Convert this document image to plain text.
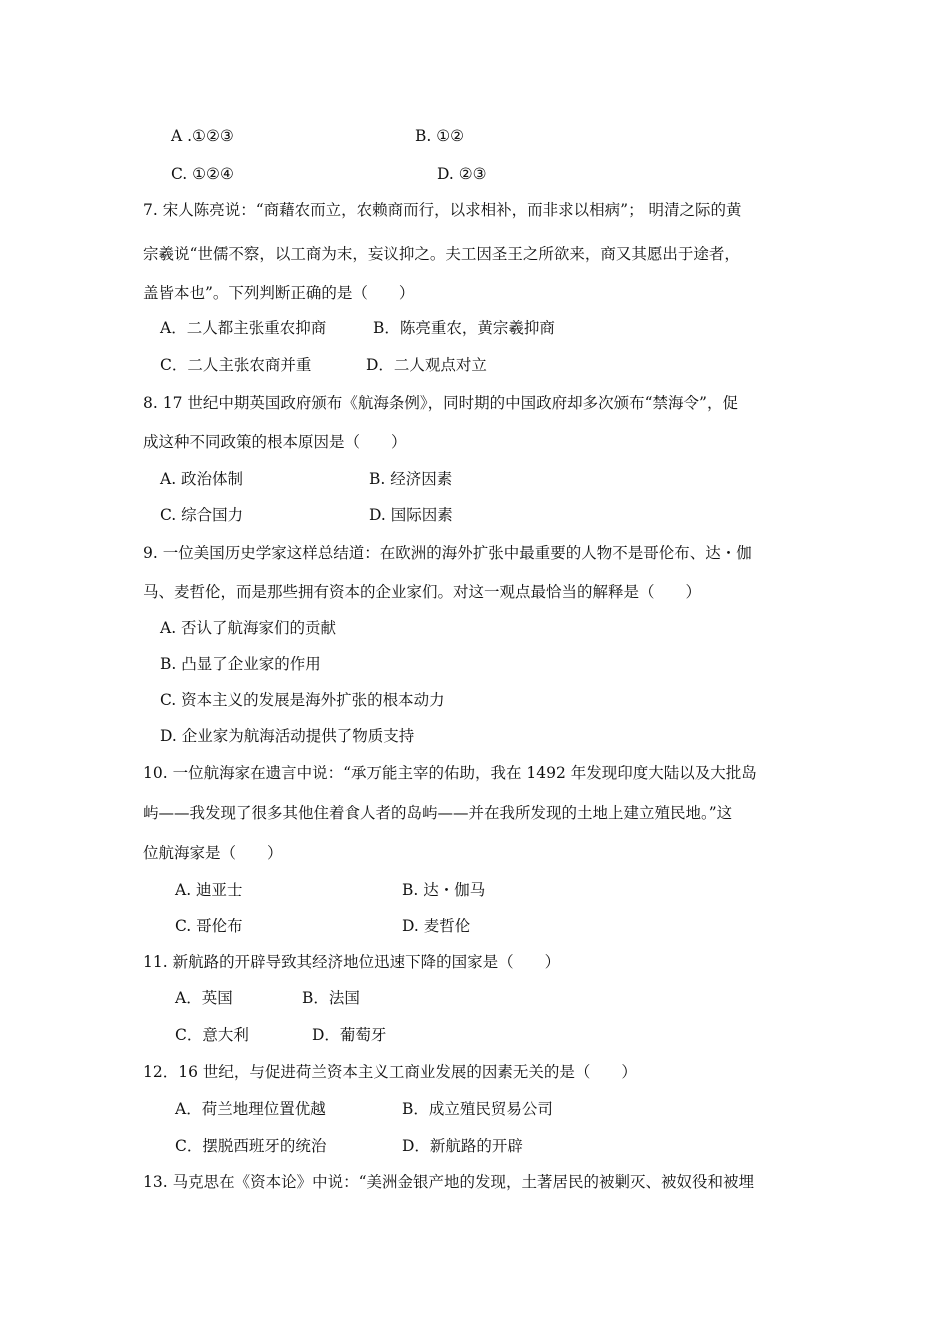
A .①②③	B. ①②
C. ①②④	D. ②③
7. 宋人陈亮说：“商藉农而立，农赖商而行，以求相补，而非求以相病”； 明清之际的黄
宗羲说“世儒不察，以工商为末，妄议抑之。夫工因圣王之所欲来，商又其愿出于途者，
盖皆本也”。下列判断正确的是（　　）
A．二人都主张重农抑商	B．陈亮重农，黄宗羲抑商
C．二人主张农商并重	D．二人观点对立
8. 17 世纪中期英国政府颁布《航海条例》，同时期的中国政府却多次颁布“禁海令”，促
成这种不同政策的根本原因是（　　）
A. 政治体制	B. 经济因素
C. 综合国力	D. 国际因素
9. 一位美国历史学家这样总结道：在欧洲的海外扩张中最重要的人物不是哥伦布、达・伽
马、麦哲伦，而是那些拥有资本的企业家们。对这一观点最恰当的解释是（　　）
A. 否认了航海家们的贡献
B. 凸显了企业家的作用
C. 资本主义的发展是海外扩张的根本动力
D. 企业家为航海活动提供了物质支持
10. 一位航海家在遗言中说：“承万能主宰的佑助，我在 1492 年发现印度大陆以及大批岛
屿——我发现了很多其他住着食人者的岛屿——并在我所发现的土地上建立殖民地。”这
位航海家是（　　）
A. 迪亚士	B. 达・伽马
C. 哥伦布	D. 麦哲伦
11. 新航路的开辟导致其经济地位迅速下降的国家是（　　）
A．英国	B．法国
C．意大利	D．葡萄牙
12．16 世纪，与促进荷兰资本主义工商业发展的因素无关的是（　　）
A．荷兰地理位置优越	B．成立殖民贸易公司
C．摆脱西班牙的统治	D．新航路的开辟
13. 马克思在《资本论》中说：“美洲金银产地的发现，土著居民的被剿灭、被奴役和被埋
